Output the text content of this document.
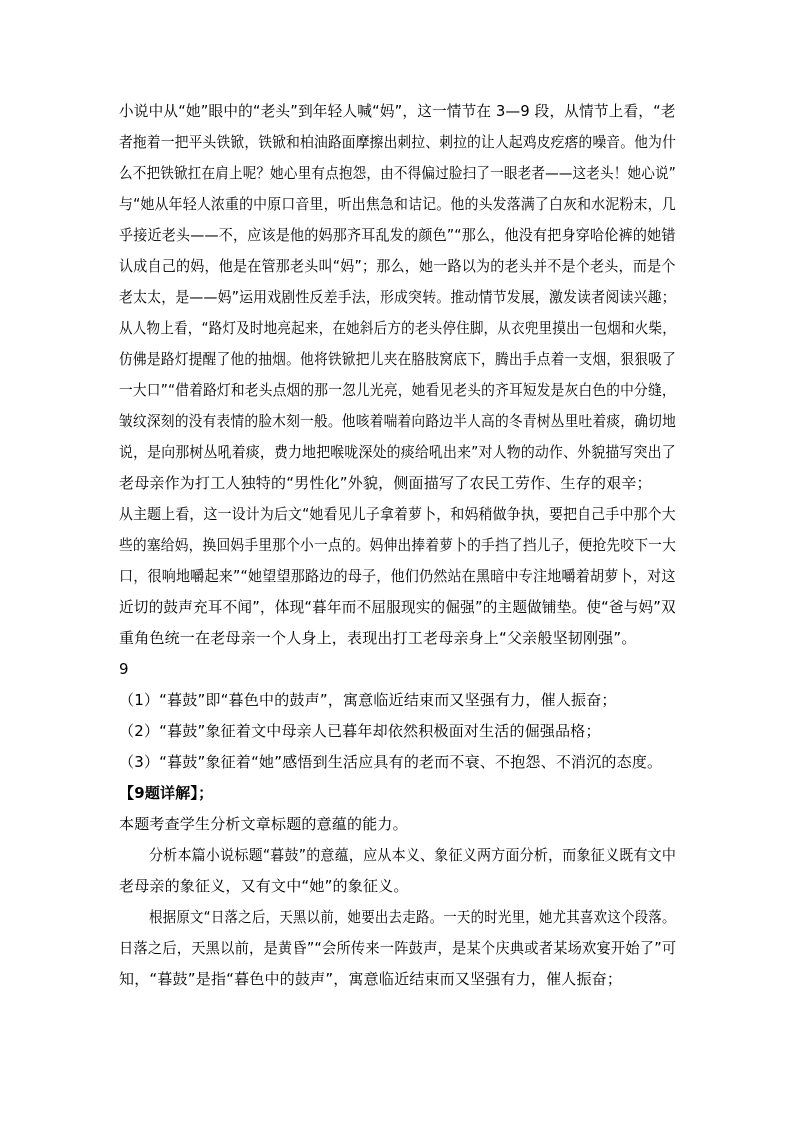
小说中从“她”眼中的“老头”到年轻人喊“妈”，这一情节在 3—9 段，从情节上看，“老
者拖着一把平头铁锨，铁锨和柏油路面摩擦出刺拉、刺拉的让人起鸡皮疙瘩的噪音。他为什
么不把铁锨扛在肩上呢？她心里有点抱怨，由不得偏过脸扫了一眼老者——这老头！她心说”
与“她从年轻人浓重的中原口音里，听出焦急和诘记。他的头发落满了白灰和水泥粉末，几
乎接近老头——不，应该是他的妈那齐耳乱发的颜色”“那么，他没有把身穿哈伦裤的她错
认成自己的妈，他是在管那老头叫“妈”；那么，她一路以为的老头并不是个老头，而是个
老太太，是——妈”运用戏剧性反差手法，形成突转。推动情节发展，激发读者阅读兴趣；
从人物上看，“路灯及时地亮起来，在她斜后方的老头停住脚，从衣兜里摸出一包烟和火柴，
仿佛是路灯提醒了他的抽烟。他将铁锨把儿夹在胳肢窝底下，腾出手点着一支烟，狠狠吸了
一大口”“借着路灯和老头点烟的那一忽儿光亮，她看见老头的齐耳短发是灰白色的中分缝，
皱纹深刻的没有表情的脸木刻一般。他咳着喘着向路边半人高的冬青树丛里吐着痰，确切地
说，是向那树丛吼着痰，费力地把喉咙深处的痰给吼出来”对人物的动作、外貌描写突出了
老母亲作为打工人独特的“男性化”外貌，侧面描写了农民工劳作、生存的艰辛；
从主题上看，这一设计为后文“她看见儿子拿着萝卜，和妈稍做争执，要把自己手中那个大
些的塞给妈，换回妈手里那个小一点的。妈伸出捧着萝卜的手挡了挡儿子，便抢先咬下一大
口，很响地嚼起来”“她望望那路边的母子，他们仍然站在黑暗中专注地嚼着胡萝卜，对这
近切的鼓声充耳不闻”，体现“暮年而不屈服现实的倔强”的主题做铺垫。使“爸与妈”双
重角色统一在老母亲一个人身上，表现出打工老母亲身上“父亲般坚韧刚强”。
9
（1）“暮鼓”即“暮色中的鼓声”，寓意临近结束而又坚强有力，催人振奋；
（2）“暮鼓”象征着文中母亲人已暮年却依然积极面对生活的倔强品格；
（3）“暮鼓”象征着“她”感悟到生活应具有的老而不衰、不抱怨、不消沉的态度。
【9题详解】；
本题考查学生分析文章标题的意蕴的能力。
分析本篇小说标题“暮鼓”的意蕴，应从本义、象征义两方面分析，而象征义既有文中
老母亲的象征义，又有文中“她”的象征义。
根据原文“日落之后，天黑以前，她要出去走路。一天的时光里，她尤其喜欢这个段落。
日落之后，天黑以前，是黄昏”“会所传来一阵鼓声，是某个庆典或者某场欢宴开始了”可
知，“暮鼓”是指“暮色中的鼓声”，寓意临近结束而又坚强有力，催人振奋；
